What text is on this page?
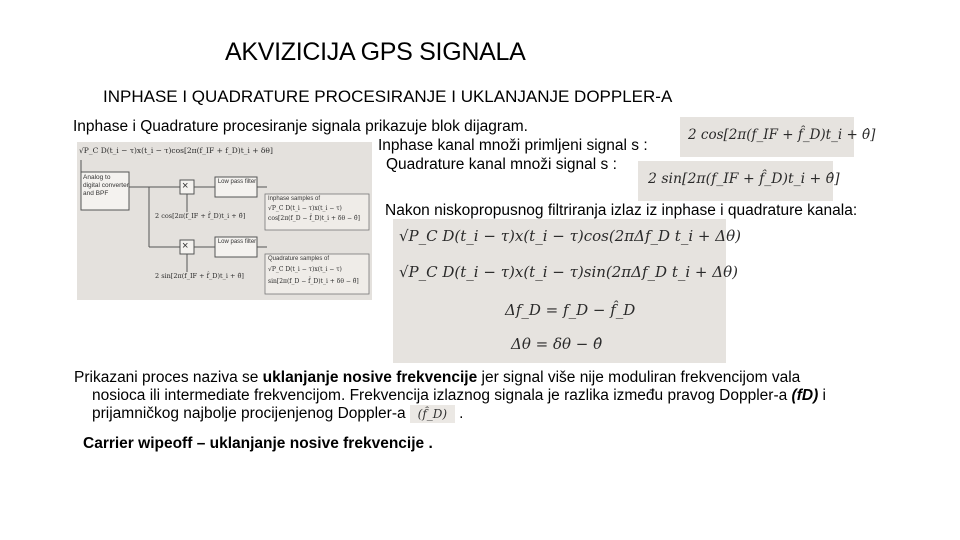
AKVIZICIJA GPS SIGNALA
INPHASE I QUADRATURE PROCESIRANJE I UKLANJANJE DOPPLER-A
Inphase i Quadrature procesiranje signala prikazuje blok dijagram.
Inphase kanal množi primljeni signal s :
Quadrature kanal množi signal s :
2 cos[2π(f_IF + f̂_D)t_i + θ̂]
2 sin[2π(f_IF + f̂_D)t_i + θ̂]
Nakon niskopropusnog filtriranja izlaz iz inphase i quadrature kanala:
√P_C D(t_i − τ)x(t_i − τ)cos(2πΔf_D t_i + Δθ)
√P_C D(t_i − τ)x(t_i − τ)sin(2πΔf_D t_i + Δθ)
Δf_D = f_D − f̂_D
Δθ = δθ − θ̂
√P_C D(t_i − τ)x(t_i − τ)cos[2π(f_IF + f_D)t_i + δθ]
Analog to digital converter and BPF
×
×
Low pass filter
Low pass filter
2 cos[2π(f_IF + f̂_D)t_i + θ̂]
2 sin[2π(f_IF + f̂_D)t_i + θ̂]
Inphase samples of
√P_C D(t_i − τ)x(t_i − τ)
cos[2π(f_D − f̂_D)t_i + δθ − θ̂]
Quadrature samples of
√P_C D(t_i − τ)x(t_i − τ)
sin[2π(f_D − f̂_D)t_i + δθ − θ̂]
Prikazani proces naziva se uklanjanje nosive frekvencije jer signal više nije moduliran frekvencijom vala
nosioca ili intermediate frekvencijom. Frekvencija izlaznog signala je razlika između pravog Doppler-a (fD) i
prijamničkog najbolje procijenjenog Doppler-a (f̂_D) .
Carrier wipeoff – uklanjanje nosive frekvencije .
